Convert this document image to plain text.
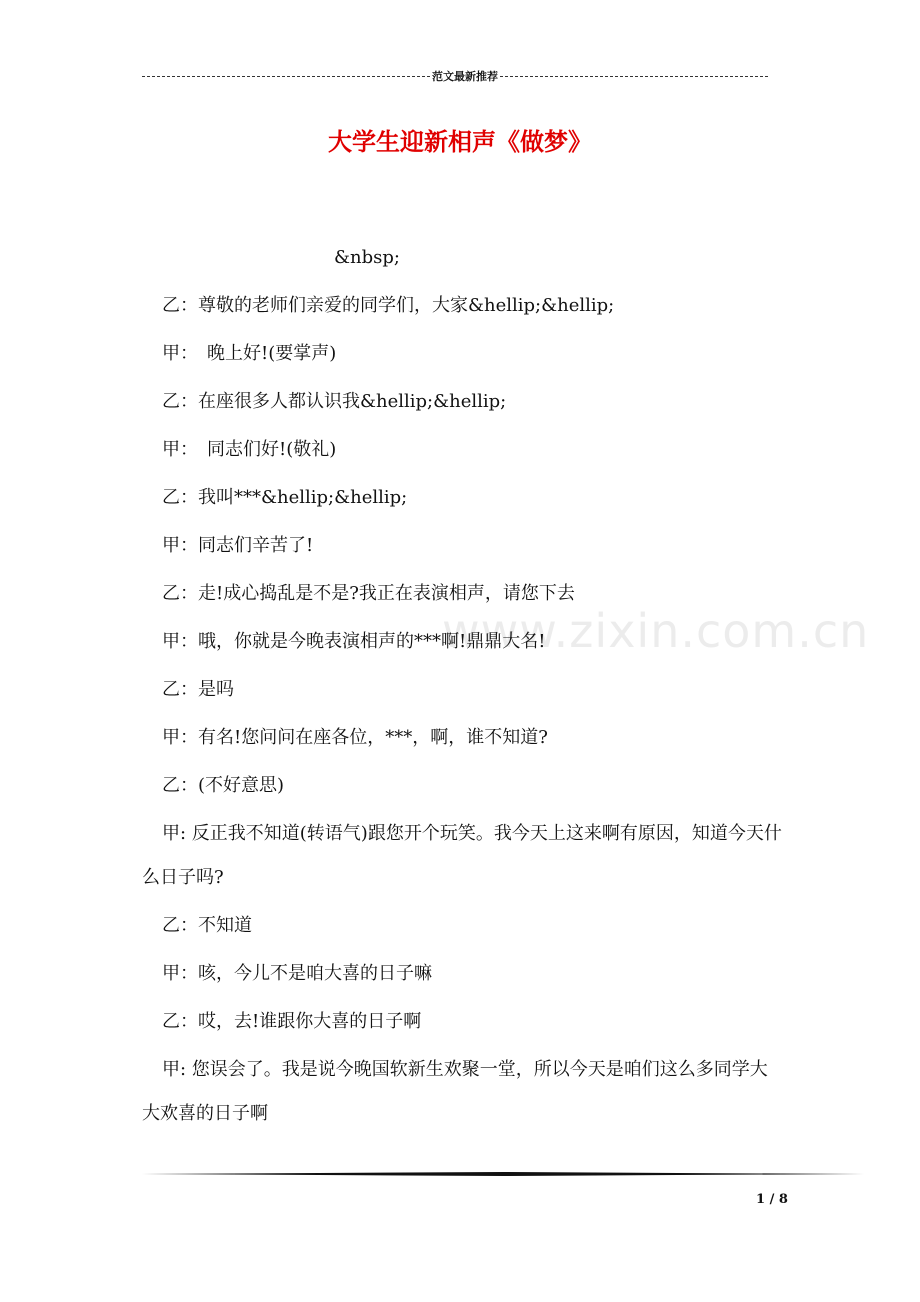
范文最新推荐
大学生迎新相声《做梦》
www.zixin.com.cn
&nbsp;
乙：尊敬的老师们亲爱的同学们，大家&hellip;&hellip;
甲：　晚上好!(要掌声)
乙：在座很多人都认识我&hellip;&hellip;
甲：　同志们好!(敬礼)
乙：我叫***&hellip;&hellip;
甲：同志们辛苦了!
乙：走!成心捣乱是不是?我正在表演相声，请您下去
甲：哦，你就是今晚表演相声的***啊!鼎鼎大名!
乙：是吗
甲：有名!您问问在座各位，***，啊，谁不知道?
乙：(不好意思)
甲: 反正我不知道(转语气)跟您开个玩笑。我今天上这来啊有原因，知道今天什么日子吗?
乙：不知道
甲：咳，今儿不是咱大喜的日子嘛
乙：哎，去!谁跟你大喜的日子啊
甲: 您误会了。我是说今晚国软新生欢聚一堂，所以今天是咱们这么多同学大大欢喜的日子啊
1 / 8
